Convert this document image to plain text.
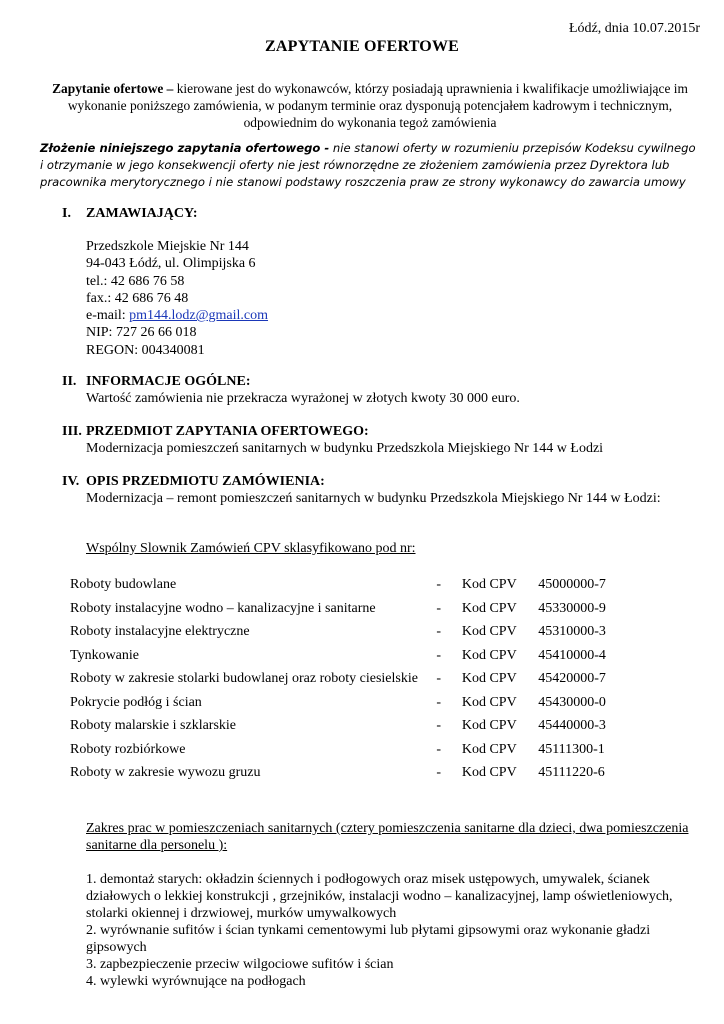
Łódź, dnia 10.07.2015r
ZAPYTANIE OFERTOWE
Zapytanie ofertowe – kierowane jest do wykonawców, którzy posiadają uprawnienia i kwalifikacje umożliwiające im wykonanie poniższego zamówienia, w podanym terminie oraz dysponują potencjałem kadrowym i technicznym, odpowiednim do wykonania tegoż zamówienia
Złożenie niniejszego zapytania ofertowego - nie stanowi oferty w rozumieniu przepisów Kodeksu cywilnego i otrzymanie w jego konsekwencji oferty nie jest równorzędne ze złożeniem zamówienia przez Dyrektora lub pracownika merytorycznego i nie stanowi podstawy roszczenia praw ze strony wykonawcy do zawarcia umowy
I. ZAMAWIAJĄCY:
Przedszkole Miejskie Nr 144
94-043 Łódź, ul. Olimpijska 6
tel.: 42 686 76 58
fax.: 42 686 76 48
e-mail: pm144.lodz@gmail.com
NIP: 727 26 66 018
REGON: 004340081
II. INFORMACJE OGÓLNE:
Wartość zamówienia nie przekracza wyrażonej w złotych kwoty 30 000 euro.
III. PRZEDMIOT ZAPYTANIA OFERTOWEGO:
Modernizacja pomieszczeń sanitarnych w budynku Przedszkola Miejskiego Nr 144 w Łodzi
IV. OPIS PRZEDMIOTU ZAMÓWIENIA:
Modernizacja – remont pomieszczeń sanitarnych w budynku Przedszkola Miejskiego Nr 144 w Łodzi:
Wspólny Slownik Zamówień CPV sklasyfikowano pod nr:
Roboty budowlane	-	Kod CPV	45000000-7
Roboty instalacyjne wodno – kanalizacyjne i sanitarne	-	Kod CPV	45330000-9
Roboty instalacyjne elektryczne	-	Kod CPV	45310000-3
Tynkowanie	-	Kod CPV	45410000-4
Roboty w zakresie stolarki budowlanej oraz roboty ciesielskie	-	Kod CPV	45420000-7
Pokrycie podłóg i ścian	-	Kod CPV	45430000-0
Roboty malarskie i szklarskie	-	Kod CPV	45440000-3
Roboty rozbiórkowe	-	Kod CPV	45111300-1
Roboty w zakresie wywozu gruzu	-	Kod CPV	45111220-6
Zakres prac w pomieszczeniach sanitarnych (cztery pomieszczenia sanitarne dla dzieci, dwa pomieszczenia sanitarne dla personelu ):
1. demontaż starych: okładzin ściennych i podłogowych oraz misek ustępowych, umywalek, ścianek działowych o lekkiej konstrukcji , grzejników, instalacji wodno – kanalizacyjnej, lamp oświetleniowych, stolarki okiennej i drzwiowej, murków umywalkowych
2. wyrównanie sufitów i ścian tynkami cementowymi lub płytami gipsowymi oraz wykonanie gładzi gipsowych
3. zapbezpieczenie przeciw wilgociowe sufitów i ścian
4. wylewki wyrównujące na podłogach
